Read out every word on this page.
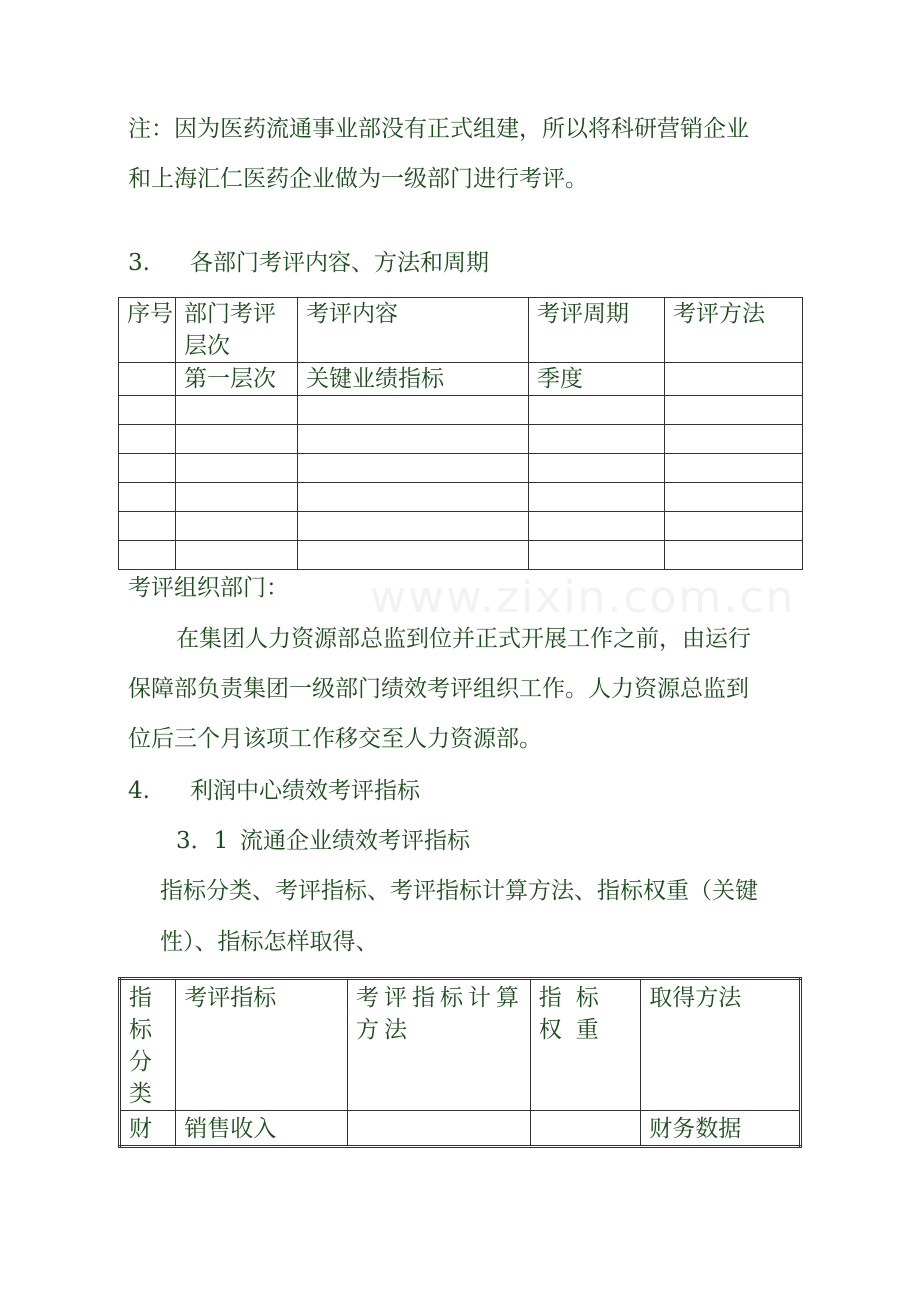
注：因为医药流通事业部没有正式组建，所以将科研营销企业
和上海汇仁医药企业做为一级部门进行考评。
3. 各部门考评内容、方法和周期
序号	部门考评层次	考评内容	考评周期	考评方法
	第一层次	关键业绩指标	季度	

www.zixin.com.cn
考评组织部门：
在集团人力资源部总监到位并正式开展工作之前，由运行
保障部负责集团一级部门绩效考评组织工作。人力资源总监到
位后三个月该项工作移交至人力资源部。
4. 利润中心绩效考评指标
3．1 流通企业绩效考评指标
指标分类、考评指标、考评指标计算方法、指标权重（关键
性）、指标怎样取得、
指标分类	考评指标	考评指标计算方法	指标权重	取得方法
财	销售收入			财务数据
